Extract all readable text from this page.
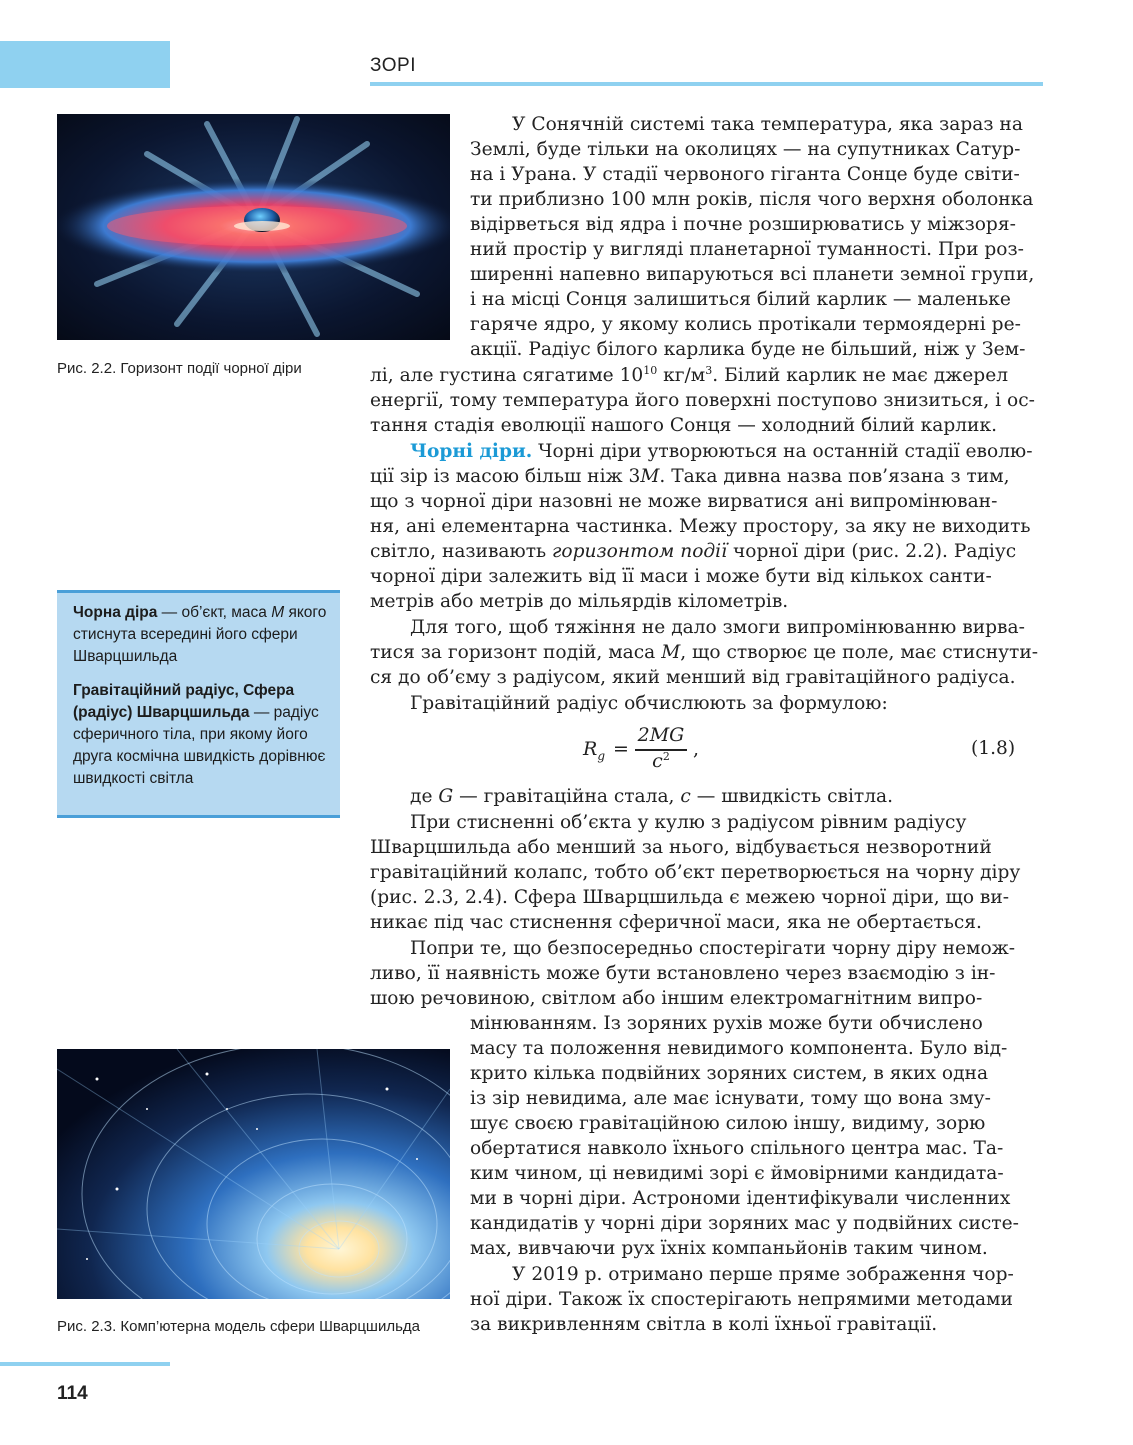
ЗОРІ
Рис. 2.2. Горизонт події чорної діри

Чорна діра — об’єкт, маса M якого стиснута всередині його сфери Шварцшильда

Гравітаційний радіус, Сфера (радіус) Шварцшильда — радіус сферичного тіла, при якому його друга космічна швидкість дорівнює швидкості світла

Рис. 2.3. Комп’ютерна модель сфери Шварцшильда
У Сонячній системі така температура, яка зараз на
Землі, буде тільки на околицях — на супутниках Сатур-
на і Урана. У стадії червоного гіганта Сонце буде світи-
ти приблизно 100 млн років, після чого верхня оболонка
відірветься від ядра і почне розширюватись у міжзоря-
ний простір у вигляді планетарної туманності. При роз-
ширенні напевно випаруються всі планети земної групи,
і на місці Сонця залишиться білий карлик — маленьке
гаряче ядро, у якому колись протікали термоядерні ре-
акції. Радіус білого карлика буде не більший, ніж у Зем-
лі, але густина сягатиме $10^{10}$ $кг/м^3$. Білий карлик не має джерел
енергії, тому температура його поверхні поступово знизиться, і ос-
тання стадія еволюції нашого Сонця — холодний білий карлик.
Чорні діри. Чорні діри утворюються на останній стадії еволю-
ції зір із масою більш ніж 3M. Така дивна назва пов’язана з тим,
що з чорної діри назовні не може вирватися ані випромінюван-
ня, ані елементарна частинка. Межу простору, за яку не виходить
світло, називають горизонтом події чорної діри (рис. 2.2). Радіус
чорної діри залежить від її маси і може бути від кількох санти-
метрів або метрів до мільярдів кілометрів.
Для того, щоб тяжіння не дало змоги випромінюванню вирва-
тися за горизонт подій, маса M, що створює це поле, має стиснути-
ся до об’єму з радіусом, який менший від гравітаційного радіуса.
Гравітаційний радіус обчислюють за формулою:
$R_g$ =
2MG
$c^2$	,	(1.8)
де G — гравітаційна стала, c — швидкість світла.
При стисненні об’єкта у кулю з радіусом рівним радіусу
Шварцшильда або менший за нього, відбувається незворотний
гравітаційний колапс, тобто об’єкт перетворюється на чорну діру
(рис. 2.3, 2.4). Сфера Шварцшильда є межею чорної діри, що ви-
никає під час стиснення сферичної маси, яка не обертається.
Попри те, що безпосередньо спостерігати чорну діру немож-
ливо, її наявність може бути встановлено через взаємодію з ін-
шою речовиною, світлом або іншим електромагнітним випро-
мінюванням. Із зоряних рухів може бути обчислено
масу та положення невидимого компонента. Було від-
крито кілька подвійних зоряних систем, в яких одна
із зір невидима, але має існувати, тому що вона зму-
шує своєю гравітаційною силою іншу, видиму, зорю
обертатися навколо їхнього спільного центра мас. Та-
ким чином, ці невидимі зорі є ймовірними кандидата-
ми в чорні діри. Астрономи ідентифікували численних
кандидатів у чорні діри зоряних мас у подвійних систе-
мах, вивчаючи рух їхніх компаньйонів таким чином.
У 2019 р. отримано перше пряме зображення чор-
ної діри. Також їх спостерігають непрямими методами
за викривленням світла в колі їхньої гравітації.
114
